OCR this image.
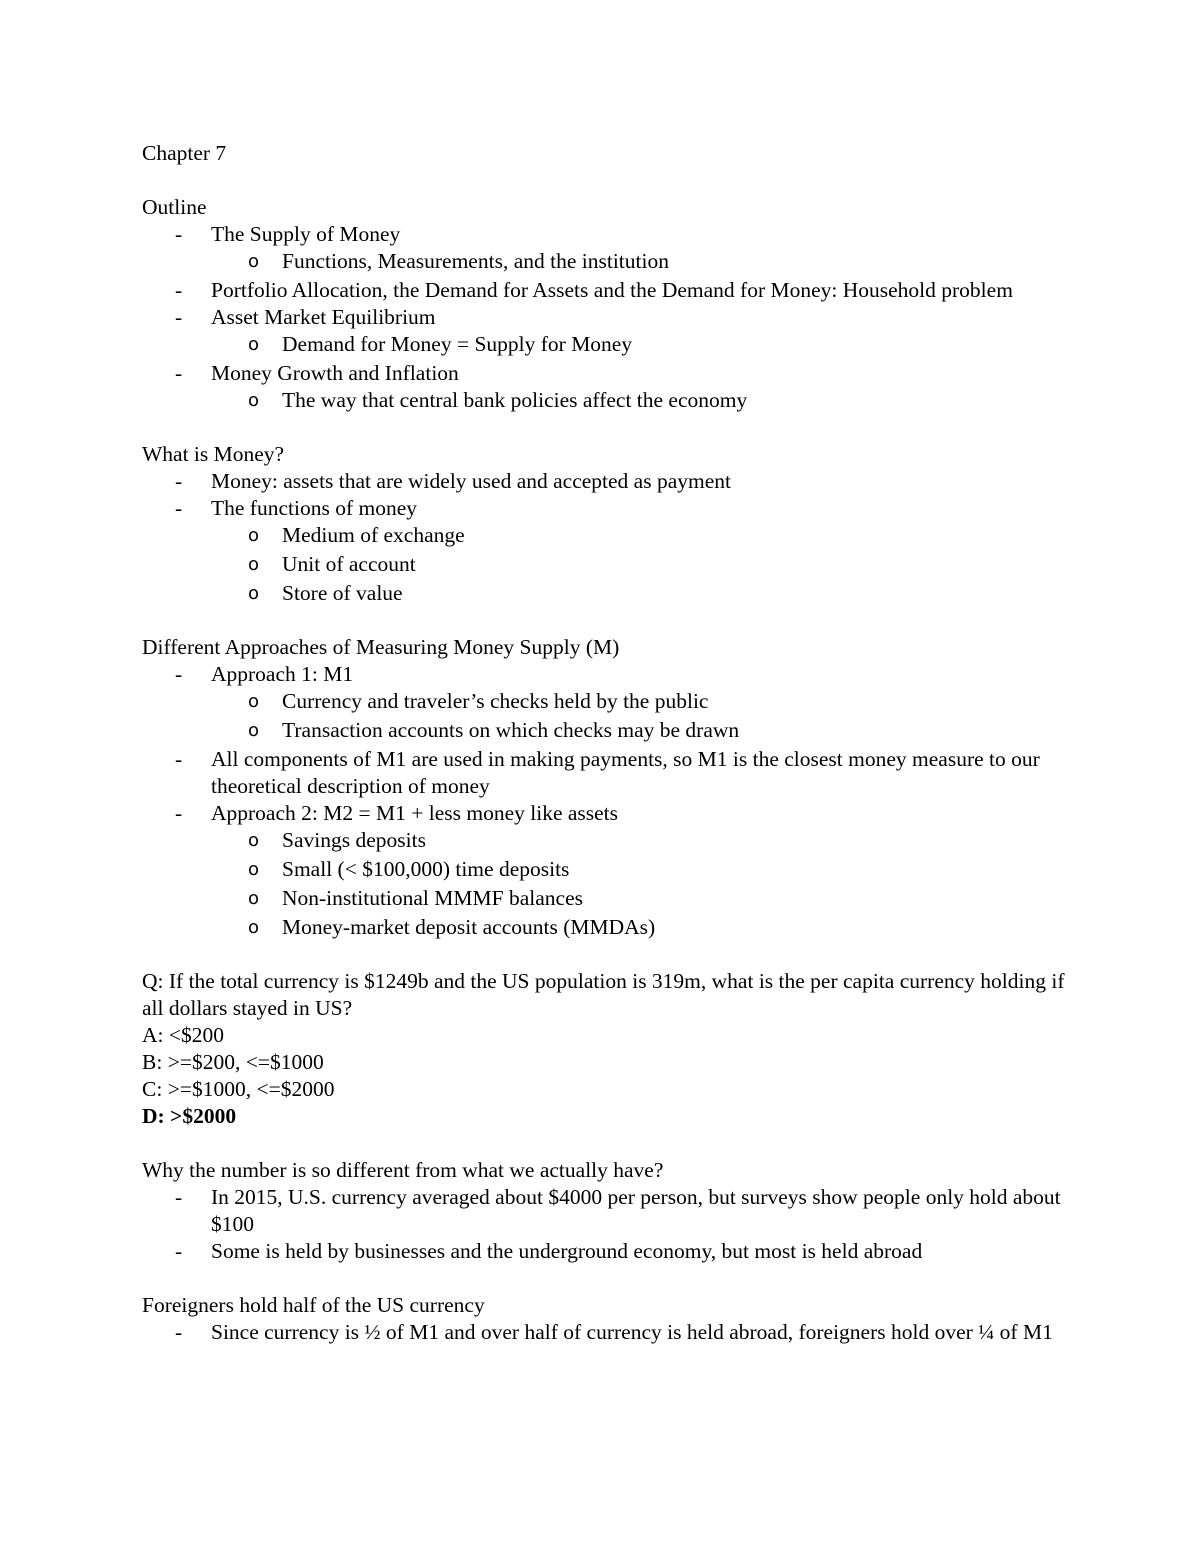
Chapter 7
Outline
- The Supply of Money
o Functions, Measurements, and the institution
- Portfolio Allocation, the Demand for Assets and the Demand for Money: Household problem
- Asset Market Equilibrium
o Demand for Money = Supply for Money
- Money Growth and Inflation
o The way that central bank policies affect the economy
What is Money?
- Money: assets that are widely used and accepted as payment
- The functions of money
o Medium of exchange
o Unit of account
o Store of value
Different Approaches of Measuring Money Supply (M)
- Approach 1: M1
o Currency and traveler’s checks held by the public
o Transaction accounts on which checks may be drawn
- All components of M1 are used in making payments, so M1 is the closest money measure to our theoretical description of money
- Approach 2: M2 = M1 + less money like assets
o Savings deposits
o Small (< $100,000) time deposits
o Non-institutional MMMF balances
o Money-market deposit accounts (MMDAs)
Q: If the total currency is $1249b and the US population is 319m, what is the per capita currency holding if all dollars stayed in US?
A: <$200
B: >=$200, <=$1000
C: >=$1000, <=$2000
D: >$2000
Why the number is so different from what we actually have?
- In 2015, U.S. currency averaged about $4000 per person, but surveys show people only hold about $100
- Some is held by businesses and the underground economy, but most is held abroad
Foreigners hold half of the US currency
- Since currency is ½ of M1 and over half of currency is held abroad, foreigners hold over ¼ of M1
